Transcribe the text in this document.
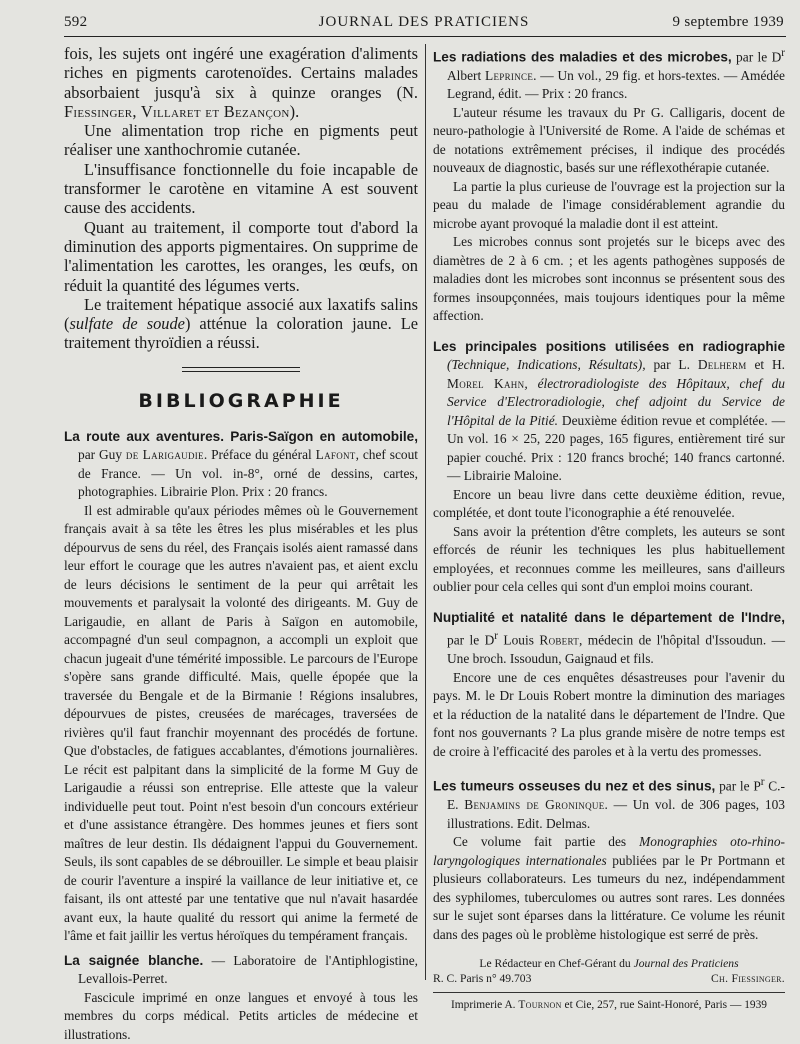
592	JOURNAL DES PRATICIENS	9 septembre 1939

fois, les sujets ont ingéré une exagération d'aliments riches en pigments carotenoïdes. Certains malades absorbaient jusqu'à six à quinze oranges (N. Fiessinger, Villaret et Bezançon).

Une alimentation trop riche en pigments peut réaliser une xanthochromie cutanée.

L'insuffisance fonctionnelle du foie incapable de transformer le carotène en vitamine A est souvent cause des accidents.

Quant au traitement, il comporte tout d'abord la diminution des apports pigmentaires. On supprime de l'alimentation les carottes, les oranges, les œufs, on réduit la quantité des légumes verts.

Le traitement hépatique associé aux laxatifs salins (sulfate de soude) atténue la coloration jaune. Le traitement thyroïdien a réussi.

BIBLIOGRAPHIE

La route aux aventures. Paris-Saïgon en automobile, par Guy de Larigaudie. Préface du général Lafont, chef scout de France. — Un vol. in-8°, orné de dessins, cartes, photographies. Librairie Plon. Prix : 20 francs.

Il est admirable qu'aux périodes mêmes où le Gouvernement français avait à sa tête les êtres les plus misérables et les plus dépourvus de sens du réel, des Français isolés aient ramassé dans leur effort le courage que les autres n'avaient pas, et aient exclu de leurs décisions le sentiment de la peur qui arrêtait les mouvements et paralysait la volonté des dirigeants. M. Guy de Larigaudie, en allant de Paris à Saïgon en automobile, accompagné d'un seul compagnon, a accompli un exploit que chacun jugeait d'une témérité impossible. Le parcours de l'Europe s'opère sans grande difficulté. Mais, quelle épopée que la traversée du Bengale et de la Birmanie ! Régions insalubres, dépourvues de pistes, creusées de marécages, traversées de rivières qu'il faut franchir moyennant des procédés de fortune. Que d'obstacles, de fatigues accablantes, d'émotions journalières. Le récit est palpitant dans la simplicité de la forme M Guy de Larigaudie a réussi son entreprise. Elle atteste que la valeur individuelle peut tout. Point n'est besoin d'un concours extérieur et d'une assistance étrangère. Des hommes jeunes et fiers sont maîtres de leur destin. Ils dédaignent l'appui du Gouvernement. Seuls, ils sont capables de se débrouiller. Le simple et beau plaisir de courir l'aventure a inspiré la vaillance de leur initiative et, ce faisant, ils ont attesté par une tentative que nul n'avait hasardée avant eux, la haute qualité du ressort qui anime la fermeté de l'âme et fait jaillir les vertus héroïques du tempérament français.

La saignée blanche. — Laboratoire de l'Antiphlogistine, Levallois-Perret.

Fascicule imprimé en onze langues et envoyé à tous les membres du corps médical. Petits articles de médecine et illustrations.

Les radiations des maladies et des microbes, par le $D^r$ Albert Leprince. — Un vol., 29 fig. et hors-textes. — Amédée Legrand, édit. — Prix : 20 francs.

L'auteur résume les travaux du Pr G. Calligaris, docent de neuro-pathologie à l'Université de Rome. A l'aide de schémas et de notations extrêmement précises, il indique des procédés nouveaux de diagnostic, basés sur une réflexothérapie cutanée.

La partie la plus curieuse de l'ouvrage est la projection sur la peau du malade de l'image considérablement agrandie du microbe ayant provoqué la maladie dont il est atteint.

Les microbes connus sont projetés sur le biceps avec des diamètres de 2 à 6 cm. ; et les agents pathogènes supposés de maladies dont les microbes sont inconnus se présentent sous des formes insoupçonnées, mais toujours identiques pour la même affection.

Les principales positions utilisées en radiographie (Technique, Indications, Résultats), par L. Delherm et H. Morel Kahn, électroradiologiste des Hôpitaux, chef du Service d'Electroradiologie, chef adjoint du Service de l'Hôpital de la Pitié. Deuxième édition revue et complétée. — Un vol. 16 × 25, 220 pages, 165 figures, entièrement tiré sur papier couché. Prix : 120 francs broché; 140 francs cartonné. — Librairie Maloine.

Encore un beau livre dans cette deuxième édition, revue, complétée, et dont toute l'iconographie a été renouvelée.

Sans avoir la prétention d'être complets, les auteurs se sont efforcés de réunir les techniques les plus habituellement employées, et reconnues comme les meilleures, sans d'ailleurs oublier pour cela celles qui sont d'un emploi moins courant.

Nuptialité et natalité dans le département de l'Indre, par le $D^r$ Louis Robert, médecin de l'hôpital d'Issoudun. — Une broch. Issoudun, Gaignaud et fils.

Encore une de ces enquêtes désastreuses pour l'avenir du pays. M. le Dr Louis Robert montre la diminution des mariages et la réduction de la natalité dans le département de l'Indre. Que font nos gouvernants ? La plus grande misère de notre temps est de croire à l'efficacité des paroles et à la vertu des promesses.

Les tumeurs osseuses du nez et des sinus, par le $P^r$ C.-E. Benjamins de Groninque. — Un vol. de 306 pages, 103 illustrations. Edit. Delmas.

Ce volume fait partie des Monographies oto-rhino-laryngologiques internationales publiées par le Pr Portmann et plusieurs collaborateurs. Les tumeurs du nez, indépendamment des syphilomes, tuberculomes ou autres sont rares. Les données sur le sujet sont éparses dans la littérature. Ce volume les réunit dans des pages où le problème histologique est serré de près.

Le Rédacteur en Chef-Gérant du Journal des Praticiens

R. C. Paris n° 49.703	Ch. Fiessinger.

Imprimerie A. Tournon et Cie, 257, rue Saint-Honoré, Paris — 1939
